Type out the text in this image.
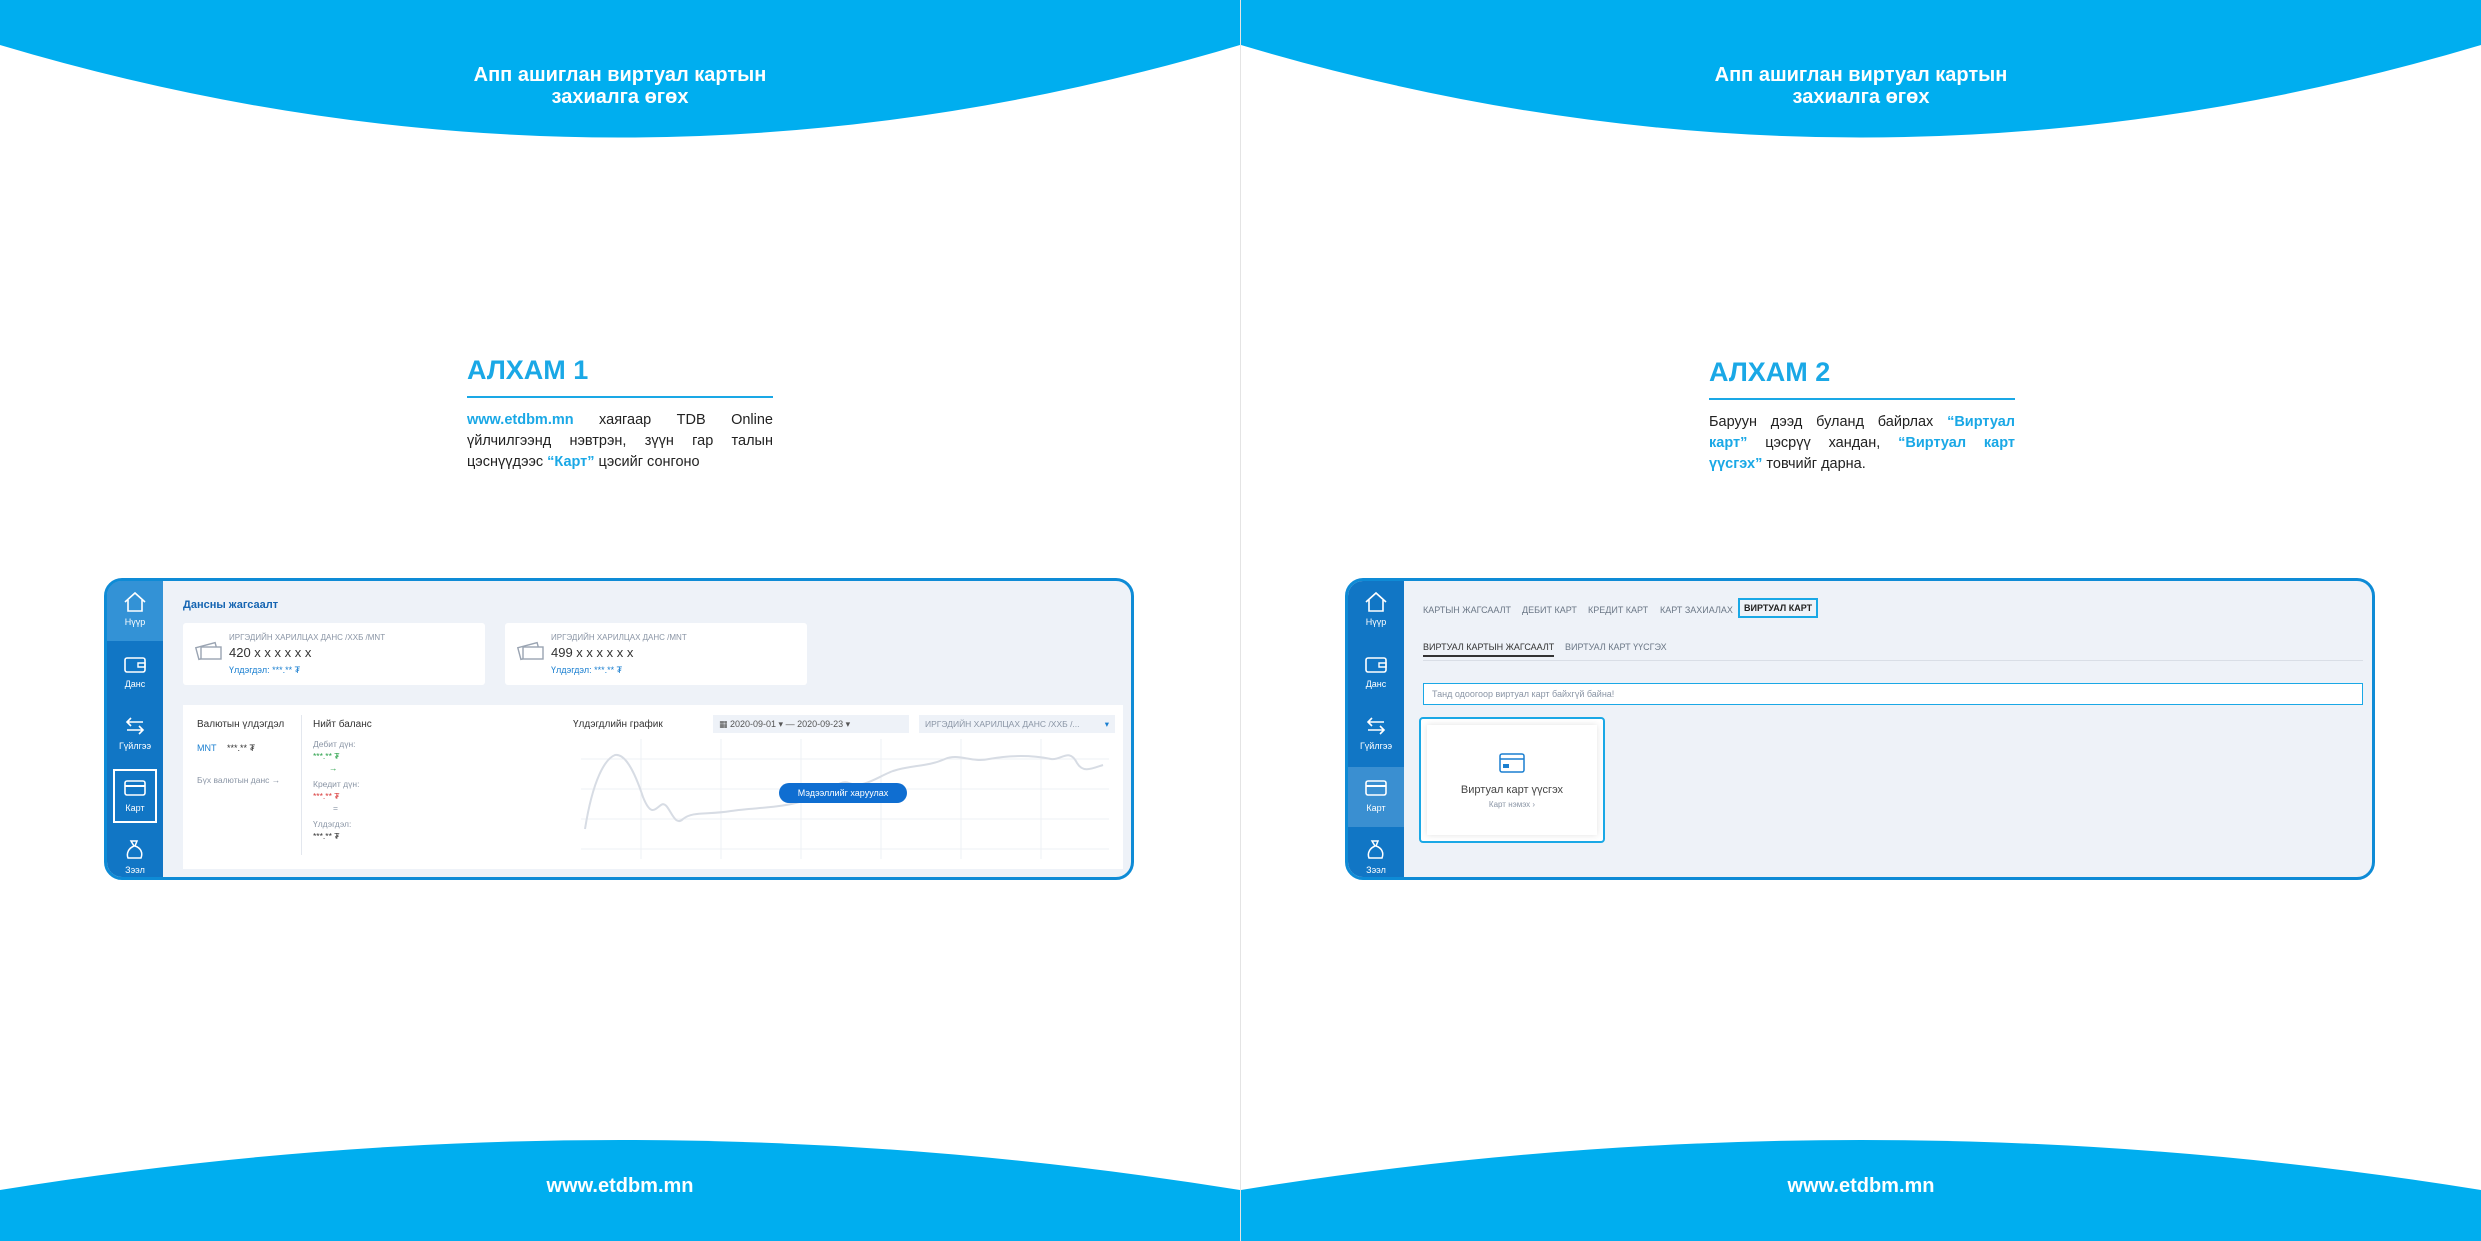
Апп ашиглан виртуал картын
захиалга өгөх
АЛХАМ 1
www.etdbm.mn хаягаар TDB Online үйлчилгээнд нэвтрэн, зүүн гар талын цэснүүдээс “Карт” цэсийг сонгоно
Нүүр
Данс
Гүйлгээ
Карт
Зээл
Дансны жагсаалт
ИРГЭДИЙН ХАРИЛЦАХ ДАНС /ХХБ /MNT
420 x x x x x x
Үлдэгдэл: ***.** ₮
ИРГЭДИЙН ХАРИЛЦАХ ДАНС /MNT
499 x x x x x x
Үлдэгдэл: ***.** ₮
Валютын үлдэгдэл
MNT ***.** ₮
Бүх валютын данс →
Нийт баланс
Дебит дүн:
***.** ₮
→
Кредит дүн:
***.** ₮
=
Үлдэгдэл:
***.** ₮
Үлдэгдлийн график	▦ 2020-09-01 ▾ — 2020-09-23 ▾	ИРГЭДИЙН ХАРИЛЦАХ ДАНС /ХХБ /...	▾
Мэдээллийг харуулах
www.etdbm.mn
Апп ашиглан виртуал картын
захиалга өгөх
АЛХАМ 2
Баруун дээд буланд байрлах “Виртуал карт” цэсрүү хандан, “Виртуал карт үүсгэх” товчийг дарна.
Нүүр
Данс
Гүйлгээ
Карт
Зээл
КАРТЫН ЖАГСААЛТ ДЕБИТ КАРТ КРЕДИТ КАРТ КАРТ ЗАХИАЛАХ	ВИРТУАЛ КАРТ
ВИРТУАЛ КАРТЫН ЖАГСААЛТ ВИРТУАЛ КАРТ ҮҮСГЭХ
Танд одоогоор виртуал карт байхгүй байна!
Виртуал карт үүсгэх
Карт нэмэх ›
www.etdbm.mn
